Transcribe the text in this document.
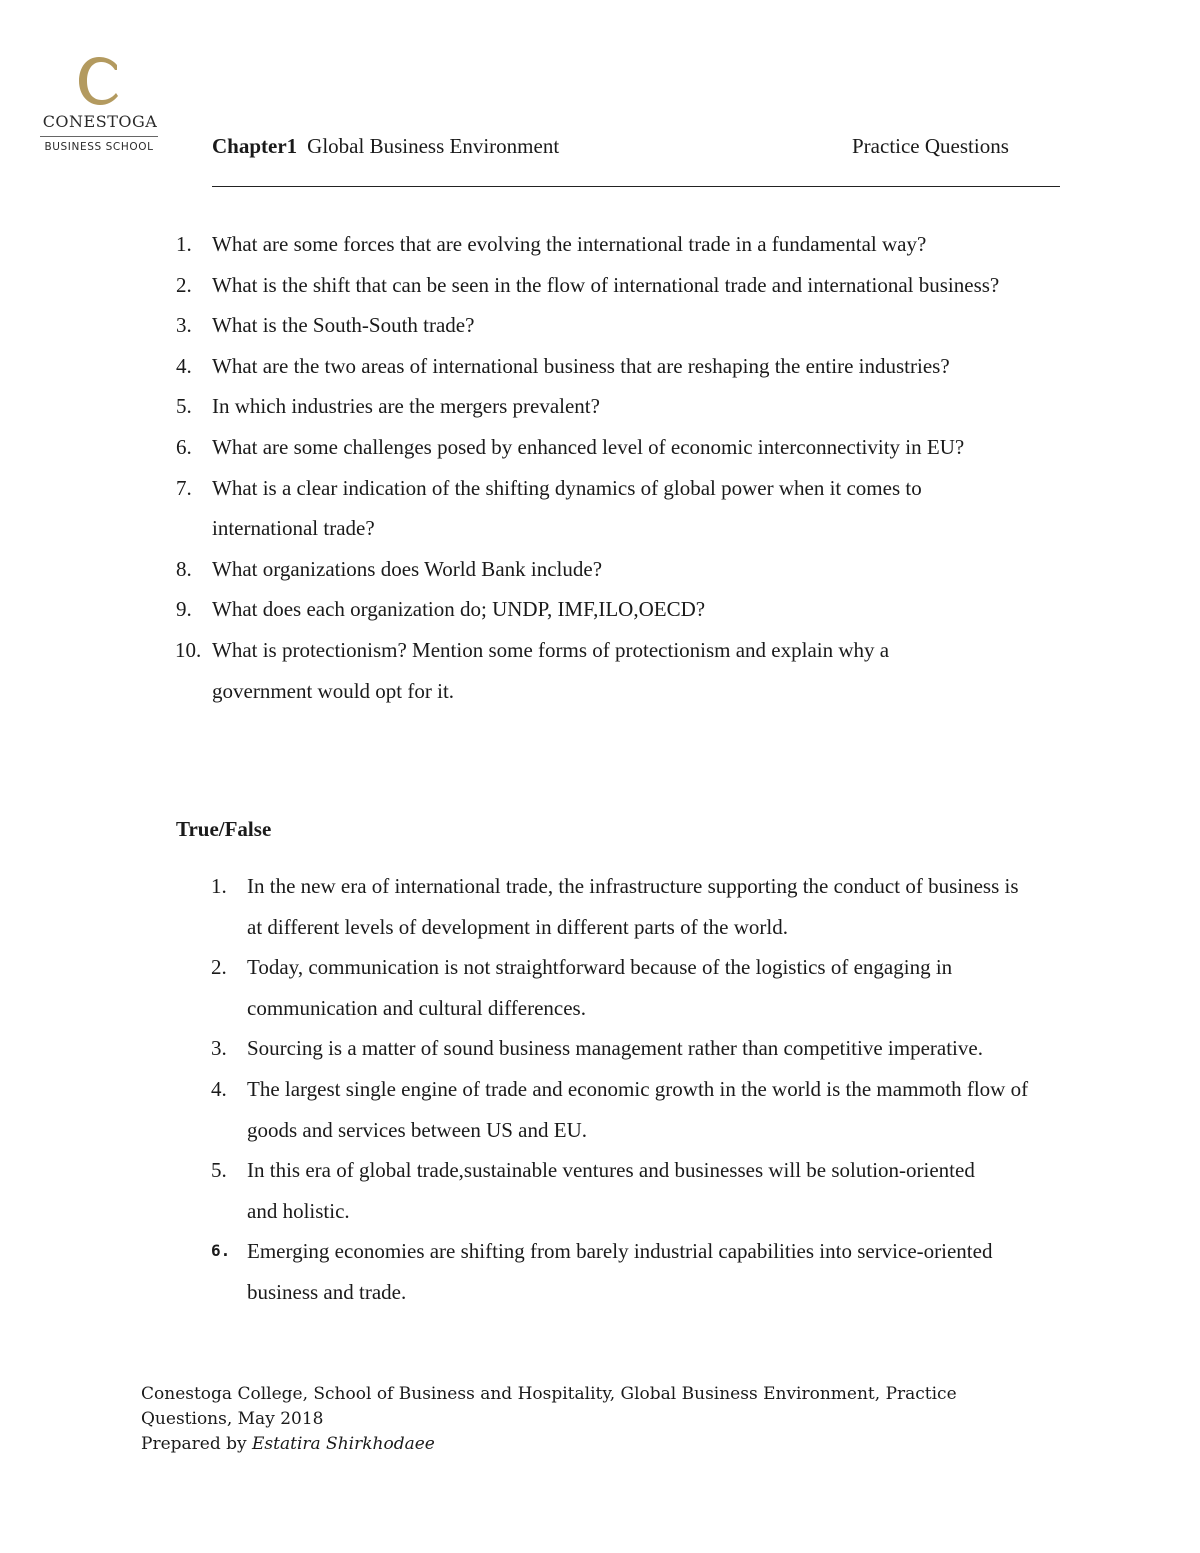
CONESTOGA
BUSINESS SCHOOL	Chapter1 Global Business Environment	Practice Questions
1. What are some forces that are evolving the international trade in a fundamental way?
2. What is the shift that can be seen in the flow of international trade and international business?
3. What is the South-South trade?
4. What are the two areas of international business that are reshaping the entire industries?
5. In which industries are the mergers prevalent?
6. What are some challenges posed by enhanced level of economic interconnectivity in EU?
7. What is a clear indication of the shifting dynamics of global power when it comes to international trade?
8. What organizations does World Bank include?
9. What does each organization do; UNDP, IMF,ILO,OECD?
10. What is protectionism? Mention some forms of protectionism and explain why a government would opt for it.
True/False
1. In the new era of international trade, the infrastructure supporting the conduct of business is at different levels of development in different parts of the world.
2. Today, communication is not straightforward because of the logistics of engaging in communication and cultural differences.
3. Sourcing is a matter of sound business management rather than competitive imperative.
4. The largest single engine of trade and economic growth in the world is the mammoth flow of goods and services between US and EU.
5. In this era of global trade,sustainable ventures and businesses will be solution-oriented and holistic.
6. Emerging economies are shifting from barely industrial capabilities into service-oriented business and trade.
Conestoga College, School of Business and Hospitality, Global Business Environment, Practice Questions, May 2018
Prepared by Estatira Shirkhodaee
